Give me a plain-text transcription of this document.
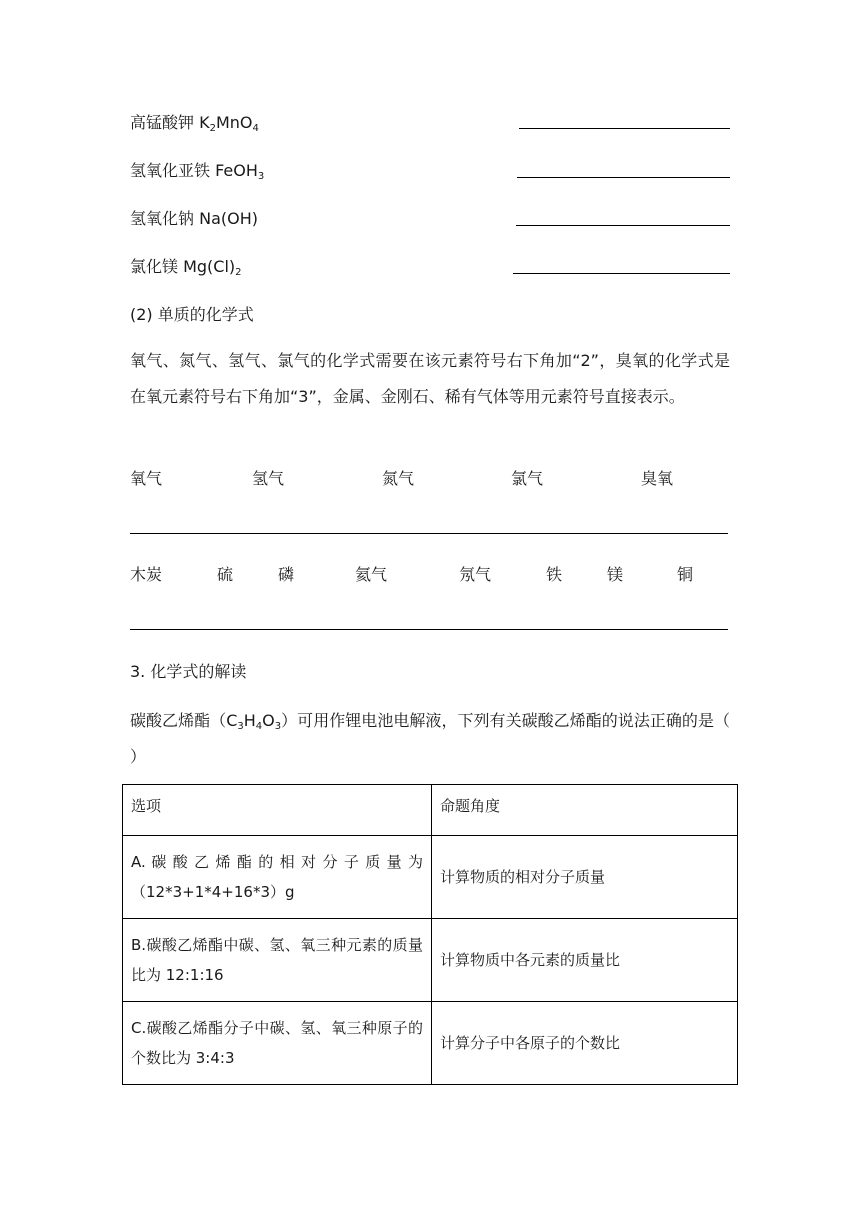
高锰酸钾 $K_2MnO_4$
氢氧化亚铁 FeOH$_3$
氢氧化钠 Na(OH)
氯化镁 $Mg(Cl)_2$
(2) 单质的化学式
氧气、氮气、氢气、氯气的化学式需要在该元素符号右下角加“2”，臭氧的化学式是在氧元素符号右下角加“3”，金属、金刚石、稀有气体等用元素符号直接表示。
氧气	氢气	氮气	氯气	臭氧
木炭	硫	磷	氦气	氖气	铁	镁	铜
3. 化学式的解读
碳酸乙烯酯$(C_3H_4O_3)$可用作锂电池电解液，下列有关碳酸乙烯酯的说法正确的是（ ）
选项	命题角度
A. 碳 酸 乙 烯 酯 的 相 对 分 子 质 量 为（12*3+1*4+16*3）g	计算物质的相对分子质量
B.碳酸乙烯酯中碳、氢、氧三种元素的质量比为 12:1:16	计算物质中各元素的质量比
C.碳酸乙烯酯分子中碳、氢、氧三种原子的个数比为 3:4:3	计算分子中各原子的个数比
